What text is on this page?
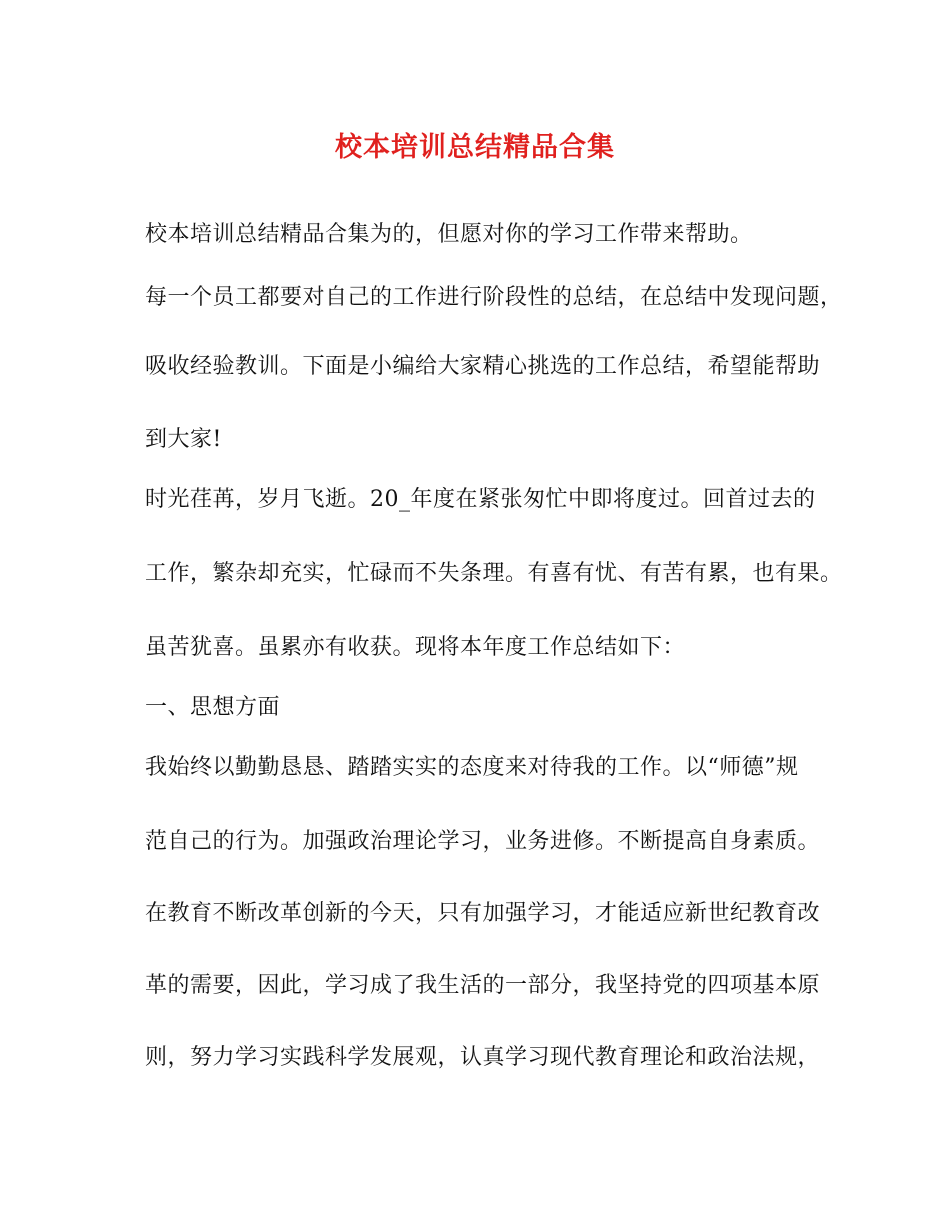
校本培训总结精品合集
校本培训总结精品合集为的，但愿对你的学习工作带来帮助。
每一个员工都要对自己的工作进行阶段性的总结，在总结中发现问题，
吸收经验教训。下面是小编给大家精心挑选的工作总结，希望能帮助
到大家!
时光荏苒，岁月飞逝。20_年度在紧张匆忙中即将度过。回首过去的
工作，繁杂却充实，忙碌而不失条理。有喜有忧、有苦有累，也有果。
虽苦犹喜。虽累亦有收获。现将本年度工作总结如下：
一、思想方面
我始终以勤勤恳恳、踏踏实实的态度来对待我的工作。以“师德”规
范自己的行为。加强政治理论学习，业务进修。不断提高自身素质。
在教育不断改革创新的今天，只有加强学习，才能适应新世纪教育改
革的需要，因此，学习成了我生活的一部分，我坚持党的四项基本原
则，努力学习实践科学发展观，认真学习现代教育理论和政治法规，
